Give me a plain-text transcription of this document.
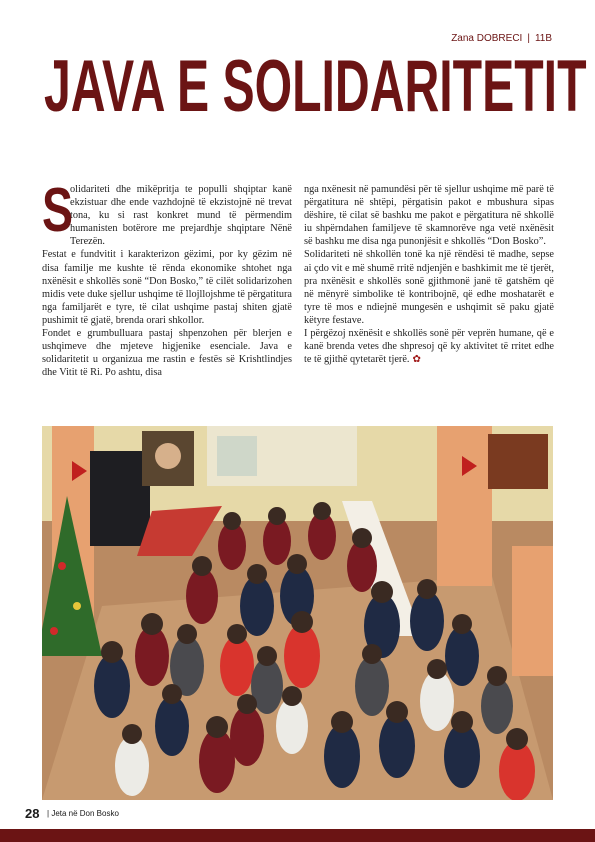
Zana DOBRECI | 11B
JAVA E SOLIDARITETIT

S
olidariteti dhe mikëpritja te populli shqiptar kanë ekzistuar dhe ende vazhdojnë të ekzistojnë në trevat tona, ku si rast konkret mund të përmendim humanisten botërore me prejardhje shqiptare Nënë Terezën.

Festat e fundvitit i karakterizon gëzimi, por ky gëzim në disa familje me kushte të rënda ekonomike shtohet nga nxënësit e shkollës sonë “Don Bosko,” të cilët solidarizohen midis vete duke sjellur ushqime të llojllojshme të përgatitura nga familjarët e tyre, të cilat ushqime pastaj shiten gjatë pushimit të gjatë, brenda orari shkollor.

Fondet e grumbulluara pastaj shpenzohen për blerjen e ushqimeve dhe mjeteve higjenike esenciale. Java e solidaritetit u organizua me rastin e festës së Krishtlindjes dhe Vitit të Ri. Po ashtu, disa

nga nxënesit në pamundësi për të sjellur ushqime më parë të përgatitura në shtëpi, përgatisin pakot e mbushura sipas dëshire, të cilat së bashku me pakot e përgatitura në shkollë iu shpërndahen familjeve të skamnorëve nga vetë nxënësit së bashku me disa nga punonjësit e shkollës “Don Bosko”.

Solidariteti në shkollën tonë ka një rëndësi të madhe, sepse ai çdo vit e më shumë rritë ndjenjën e bashkimit me të tjerët, pra nxënësit e shkollës sonë gjithmonë janë të gatshëm që në mënyrë simbolike të kontribojnë, që edhe moshatarët e tyre të mos e ndiejnë mungesën e ushqimit së paku gjatë këtyre festave.

I përgëzoj nxënësit e shkollës sonë për veprën humane, që e kanë brenda vetes dhe shpresoj që ky aktivitet të rritet edhe te të gjithë qytetarët tjerë. ✿

28 | Jeta në Don Bosko
